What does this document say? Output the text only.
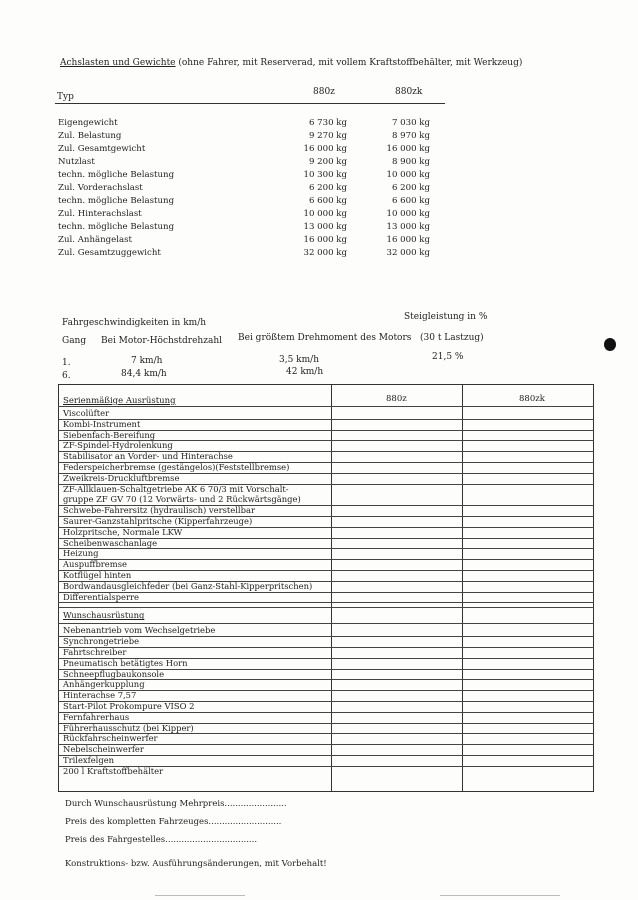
Achslasten und Gewichte (ohne Fahrer, mit Reserverad, mit vollem Kraftstoffbehälter, mit Werkzeug)
Typ	880z	880zk
Eigengewicht	6 730 kg	7 030 kg
Zul. Belastung	9 270 kg	8 970 kg
Zul. Gesamtgewicht	16 000 kg	16 000 kg
Nutzlast	9 200 kg	8 900 kg
techn. mögliche Belastung	10 300 kg	10 000 kg
Zul. Vorderachslast	6 200 kg	6 200 kg
techn. mögliche Belastung	6 600 kg	6 600 kg
Zul. Hinterachslast	10 000 kg	10 000 kg
techn. mögliche Belastung	13 000 kg	13 000 kg
Zul. Anhängelast	16 000 kg	16 000 kg
Zul. Gesamtzuggewicht	32 000 kg	32 000 kg
Fahrgeschwindigkeiten in km/h
Steigleistung in %
Gang Bei Motor-Höchstdrehzahl Bei größtem Drehmoment des Motors (30 t Lastzug)
1.	7 km/h	3,5 km/h	21,5 %
6.	84,4 km/h	42 km/h
Serienmäßige Ausrüstung	880z	880zk
Viscolüfter
Kombi-Instrument
Siebenfach-Bereifung
ZF-Spindel-Hydrolenkung
Stabilisator an Vorder- und Hinterachse
Federspeicherbremse (gestängelos)(Feststellbremse)
Zweikreis-Druckluftbremse
ZF-Allklauen-Schaltgetriebe AK 6 70/3 mit Vorschalt-
gruppe ZF GV 70 (12 Vorwärts- und 2 Rückwärtsgänge)
Schwebe-Fahrersitz (hydraulisch) verstellbar
Saurer-Ganzstahlpritsche (Kipperfahrzeuge)
Holzpritsche, Normale LKW
Scheibenwaschanlage
Heizung
Auspuffbremse
Kotflügel hinten
Bordwandausgleichfeder (bei Ganz-Stahl-Kipperpritschen)
Differentialsperre
Wunschausrüstung
Nebenantrieb vom Wechselgetriebe
Synchrongetriebe
Fahrtschreiber
Pneumatisch betätigtes Horn
Schneepflugbaukonsole
Anhängerkupplung
Hinterachse 7,57
Start-Pilot Prokompure VISO 2
Fernfahrerhaus
Führerhausschutz (bei Kipper)
Rückfahrscheinwerfer
Nebelscheinwerfer
Trilexfelgen
200 l Kraftstoffbehälter
Durch Wunschausrüstung Mehrpreis.......................
Preis des kompletten Fahrzeuges...........................
Preis des Fahrgestelles..................................
Konstruktions- bzw. Ausführungsänderungen, mit Vorbehalt!
